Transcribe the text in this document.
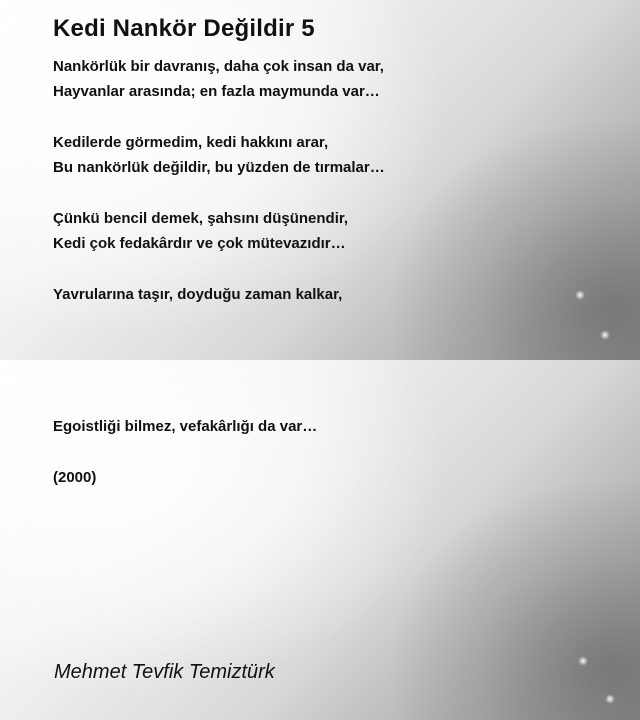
Kedi Nankör Değildir 5

Nankörlük bir davranış, daha çok insan da var,
Hayvanlar arasında; en fazla maymunda var…

Kedilerde görmedim, kedi hakkını arar,
Bu nankörlük değildir, bu yüzden de tırmalar…

Çünkü bencil demek, şahsını düşünendir,
Kedi çok fedakârdır ve çok mütevazıdır…

Yavrularına taşır, doyduğu zaman kalkar,

Egoistliği bilmez, vefakârlığı da var…

(2000)
Mehmet Tevfik Temiztürk
